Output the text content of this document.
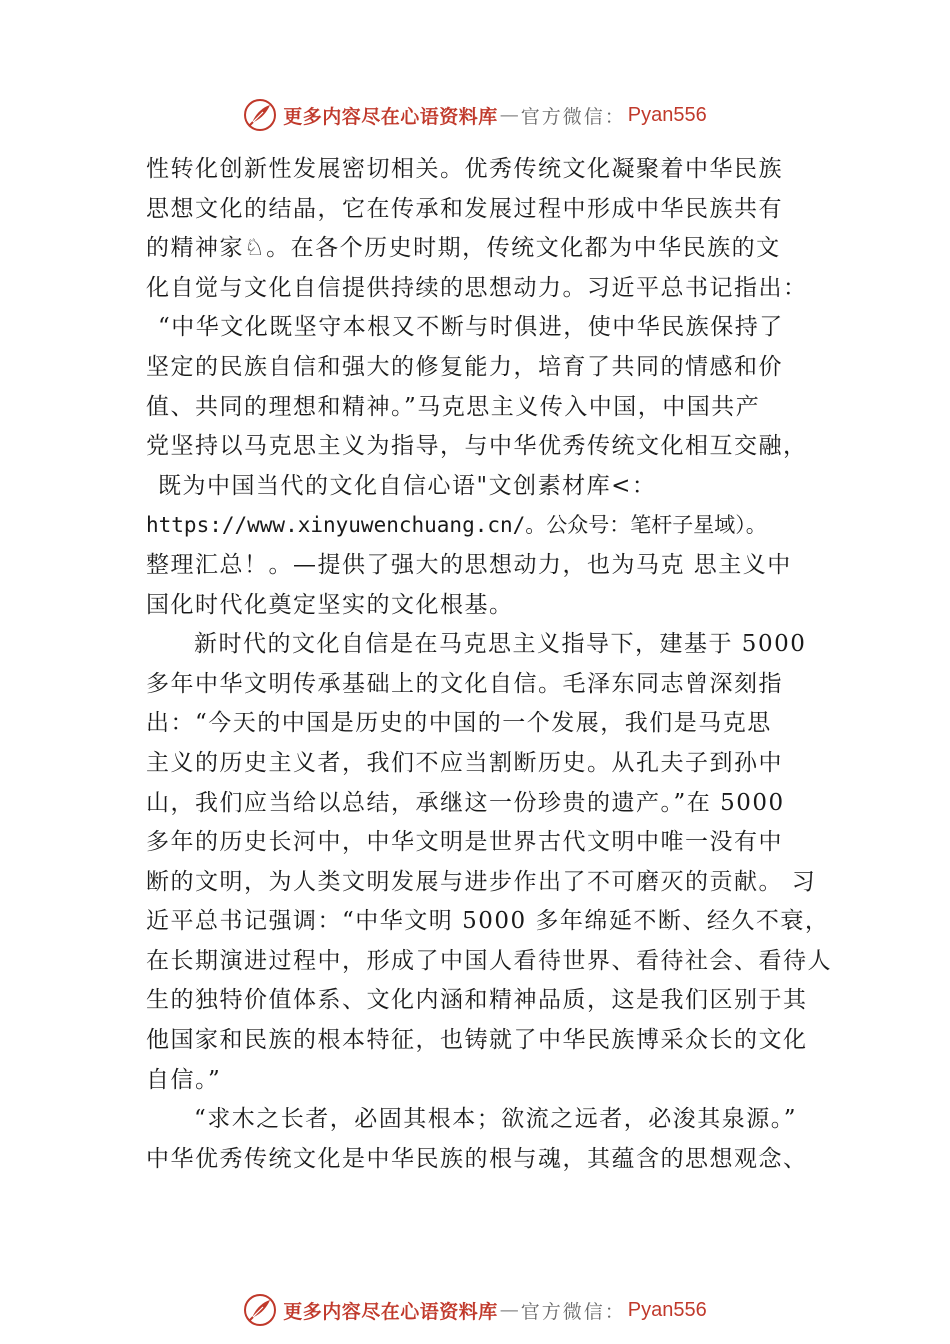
更多内容尽在心语资料库 — 官方微信： Pyan556
性转化创新性发展密切相关。优秀传统文化凝聚着中华民族
思想文化的结晶，它在传承和发展过程中形成中华民族共有
的精神家♘。在各个历史时期，传统文化都为中华民族的文
化自觉与文化自信提供持续的思想动力。习近平总书记指出：
“中华文化既坚守本根又不断与时俱进，使中华民族保持了
坚定的民族自信和强大的修复能力，培育了共同的情感和价
值、共同的理想和精神。”马克思主义传入中国，中国共产
党坚持以马克思主义为指导，与中华优秀传统文化相互交融，
既为中国当代的文化自信心语"文创素材库<：
https://www.xinyuwenchuang.cn/。公众号：笔杆子星域）。
整理汇总！。—提供了强大的思想动力，也为马克 思主义中
国化时代化奠定坚实的文化根基。
新时代的文化自信是在马克思主义指导下，建基于 5000
多年中华文明传承基础上的文化自信。毛泽东同志曾深刻指
出：“今天的中国是历史的中国的一个发展，我们是马克思
主义的历史主义者，我们不应当割断历史。从孔夫子到孙中
山，我们应当给以总结，承继这一份珍贵的遗产。”在 5000
多年的历史长河中，中华文明是世界古代文明中唯一没有中
断的文明，为人类文明发展与进步作出了不可磨灭的贡献。 习
近平总书记强调：“中华文明 5000 多年绵延不断、经久不衰，
在长期演进过程中，形成了中国人看待世界、看待社会、看待人
生的独特价值体系、文化内涵和精神品质，这是我们区别于其
他国家和民族的根本特征，也铸就了中华民族博采众长的文化
自信。”
“求木之长者，必固其根本；欲流之远者，必浚其泉源。”
中华优秀传统文化是中华民族的根与魂，其蕴含的思想观念、
更多内容尽在心语资料库 — 官方微信： Pyan556
